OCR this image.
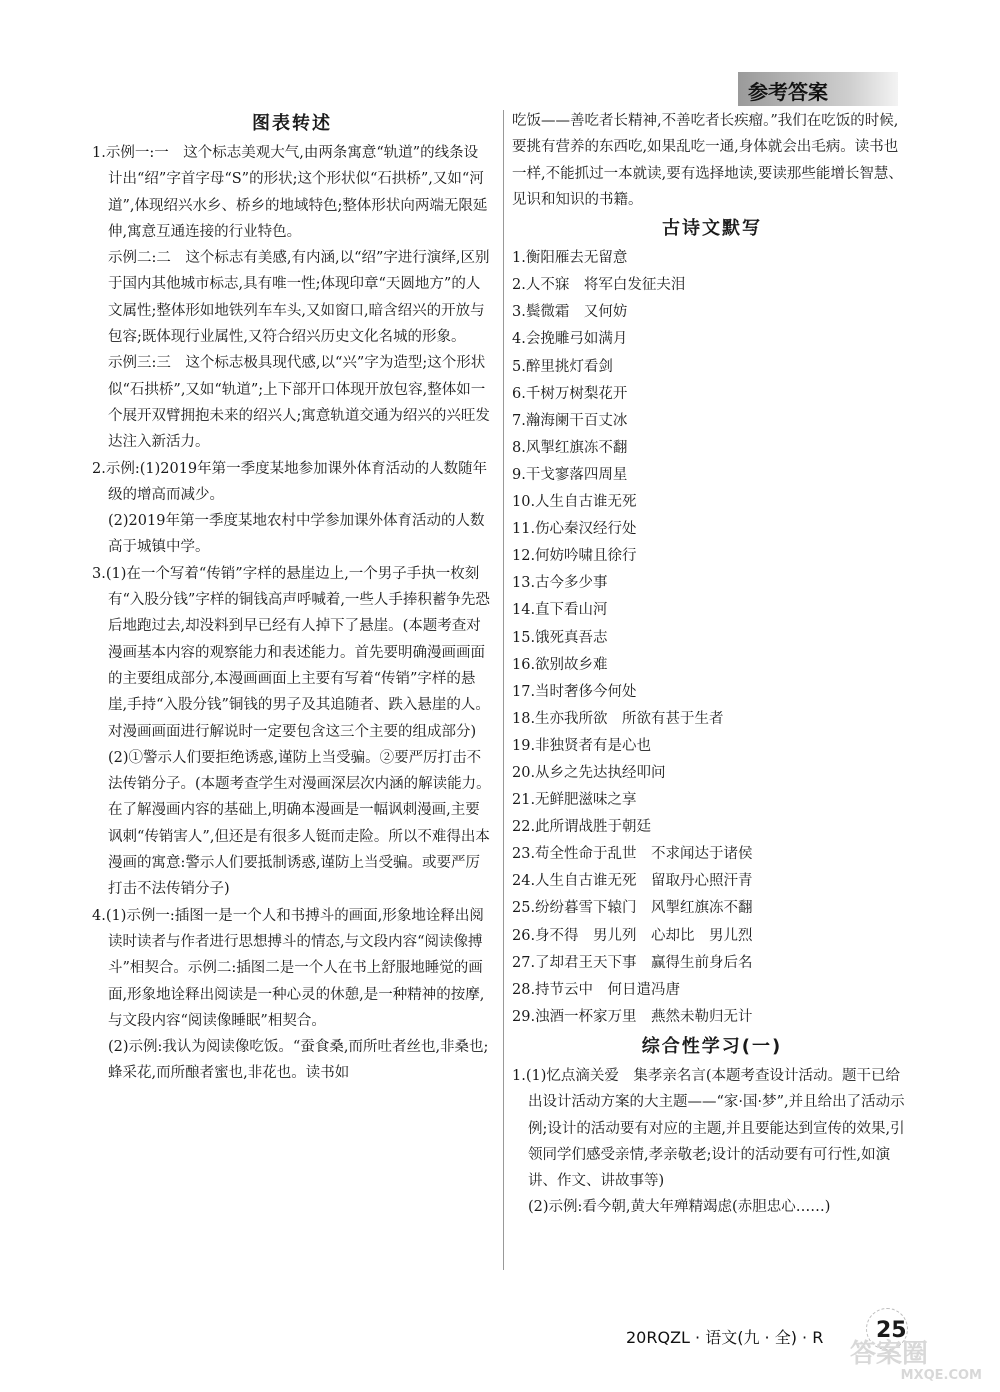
参考答案
图表转述

1.示例一:一　这个标志美观大气,由两条寓意“轨道”的线条设计出“绍”字首字母“S”的形状;这个形状似“石拱桥”,又如“河道”,体现绍兴水乡、桥乡的地域特色;整体形状向两端无限延伸,寓意互通连接的行业特色。

示例二:二　这个标志有美感,有内涵,以“绍”字进行演绎,区别于国内其他城市标志,具有唯一性;体现印章“天圆地方”的人文属性;整体形如地铁列车车头,又如窗口,暗含绍兴的开放与包容;既体现行业属性,又符合绍兴历史文化名城的形象。

示例三:三　这个标志极具现代感,以“兴”字为造型;这个形状似“石拱桥”,又如“轨道”;上下部开口体现开放包容,整体如一个展开双臂拥抱未来的绍兴人;寓意轨道交通为绍兴的兴旺发达注入新活力。

2.示例:(1)2019年第一季度某地参加课外体育活动的人数随年级的增高而减少。

(2)2019年第一季度某地农村中学参加课外体育活动的人数高于城镇中学。

3.(1)在一个写着“传销”字样的悬崖边上,一个男子手执一枚刻有“入股分钱”字样的铜钱高声呼喊着,一些人手捧积蓄争先恐后地跑过去,却没料到早已经有人掉下了悬崖。(本题考查对漫画基本内容的观察能力和表述能力。首先要明确漫画画面的主要组成部分,本漫画画面上主要有写着“传销”字样的悬崖,手持“入股分钱”铜钱的男子及其追随者、跌入悬崖的人。对漫画画面进行解说时一定要包含这三个主要的组成部分)

(2)①警示人们要拒绝诱惑,谨防上当受骗。②要严厉打击不法传销分子。(本题考查学生对漫画深层次内涵的解读能力。在了解漫画内容的基础上,明确本漫画是一幅讽刺漫画,主要讽刺“传销害人”,但还是有很多人铤而走险。所以不难得出本漫画的寓意:警示人们要抵制诱惑,谨防上当受骗。或要严厉打击不法传销分子)

4.(1)示例一:插图一是一个人和书搏斗的画面,形象地诠释出阅读时读者与作者进行思想搏斗的情态,与文段内容“阅读像搏斗”相契合。示例二:插图二是一个人在书上舒服地睡觉的画面,形象地诠释出阅读是一种心灵的休憩,是一种精神的按摩,与文段内容“阅读像睡眠”相契合。

(2)示例:我认为阅读像吃饭。“蚕食桑,而所吐者丝也,非桑也;蜂采花,而所酿者蜜也,非花也。读书如

吃饭——善吃者长精神,不善吃者长疾瘤。”我们在吃饭的时候,要挑有营养的东西吃,如果乱吃一通,身体就会出毛病。读书也一样,不能抓过一本就读,要有选择地读,要读那些能增长智慧、见识和知识的书籍。

古诗文默写

1.衡阳雁去无留意

2.人不寐　将军白发征夫泪

3.鬓微霜　又何妨

4.会挽雕弓如满月

5.醉里挑灯看剑

6.千树万树梨花开

7.瀚海阑干百丈冰

8.风掣红旗冻不翻

9.干戈寥落四周星

10.人生自古谁无死

11.伤心秦汉经行处

12.何妨吟啸且徐行

13.古今多少事

14.直下看山河

15.饿死真吾志

16.欲别故乡难

17.当时奢侈今何处

18.生亦我所欲　所欲有甚于生者

19.非独贤者有是心也

20.从乡之先达执经叩问

21.无鲜肥滋味之享

22.此所谓战胜于朝廷

23.苟全性命于乱世　不求闻达于诸侯

24.人生自古谁无死　留取丹心照汗青

25.纷纷暮雪下辕门　风掣红旗冻不翻

26.身不得　男儿列　心却比　男儿烈

27.了却君王天下事　赢得生前身后名

28.持节云中　何日遣冯唐

29.浊酒一杯家万里　燕然未勒归无计

综合性学习(一)

1.(1)忆点滴关爱　集孝亲名言(本题考查设计活动。题干已给出设计活动方案的大主题——“家·国·梦”,并且给出了活动示例;设计的活动要有对应的主题,并且要能达到宣传的效果,引领同学们感受亲情,孝亲敬老;设计的活动要有可行性,如演讲、作文、讲故事等)

(2)示例:看今朝,黄大年殚精竭虑(赤胆忠心……)

20RQZL · 语文(九 · 全) · R 25
答案圈
MXQE.COM
